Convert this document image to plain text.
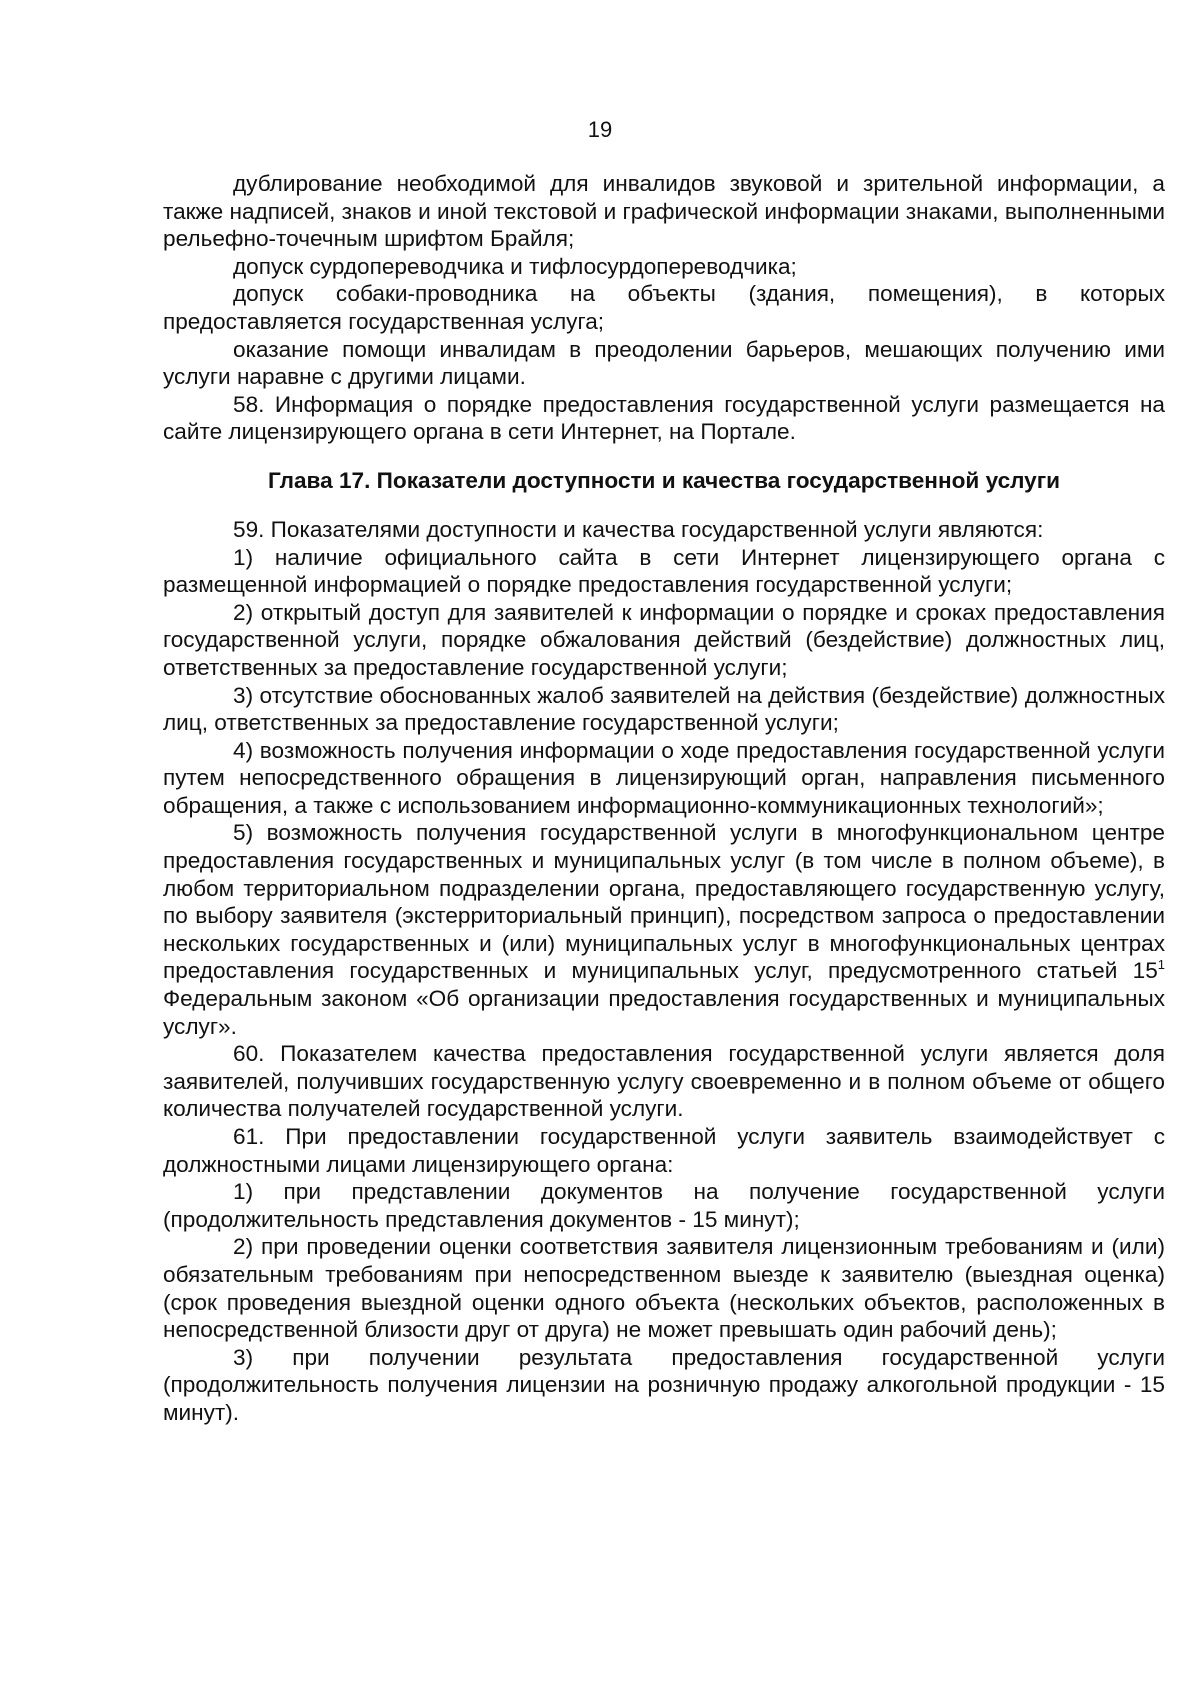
19

дублирование необходимой для инвалидов звуковой и зрительной информации, а также надписей, знаков и иной текстовой и графической информации знаками, выполненными рельефно-точечным шрифтом Брайля;

допуск сурдопереводчика и тифлосурдопереводчика;

допуск собаки-проводника на объекты (здания, помещения), в которых предоставляется государственная услуга;

оказание помощи инвалидам в преодолении барьеров, мешающих получению ими услуги наравне с другими лицами.

58. Информация о порядке предоставления государственной услуги размещается на сайте лицензирующего органа в сети Интернет, на Портале.

Глава 17. Показатели доступности и качества государственной услуги

59. Показателями доступности и качества государственной услуги являются:

1) наличие официального сайта в сети Интернет лицензирующего органа с размещенной информацией о порядке предоставления государственной услуги;

2) открытый доступ для заявителей к информации о порядке и сроках предоставления государственной услуги, порядке обжалования действий (бездействие) должностных лиц, ответственных за предоставление государственной услуги;

3) отсутствие обоснованных жалоб заявителей на действия (бездействие) должностных лиц, ответственных за предоставление государственной услуги;

4) возможность получения информации о ходе предоставления государственной услуги путем непосредственного обращения в лицензирующий орган, направления письменного обращения, а также с использованием информационно-коммуникационных технологий»;

5) возможность получения государственной услуги в многофункциональном центре предоставления государственных и муниципальных услуг (в том числе в полном объеме), в любом территориальном подразделении органа, предоставляющего государственную услугу, по выбору заявителя (экстерриториальный принцип), посредством запроса о предоставлении нескольких государственных и (или) муниципальных услуг в многофункциональных центрах предоставления государственных и муниципальных услуг, предусмотренного статьей $15^1$ Федеральным законом «Об организации предоставления государственных и муниципальных услуг».

60. Показателем качества предоставления государственной услуги является доля заявителей, получивших государственную услугу своевременно и в полном объеме от общего количества получателей государственной услуги.

61. При предоставлении государственной услуги заявитель взаимодействует с должностными лицами лицензирующего органа:

1) при представлении документов на получение государственной услуги (продолжительность представления документов - 15 минут);

2) при проведении оценки соответствия заявителя лицензионным требованиям и (или) обязательным требованиям при непосредственном выезде к заявителю (выездная оценка) (срок проведения выездной оценки одного объекта (нескольких объектов, расположенных в непосредственной близости друг от друга) не может превышать один рабочий день);

3) при получении результата предоставления государственной услуги (продолжительность получения лицензии на розничную продажу алкогольной продукции - 15 минут).
